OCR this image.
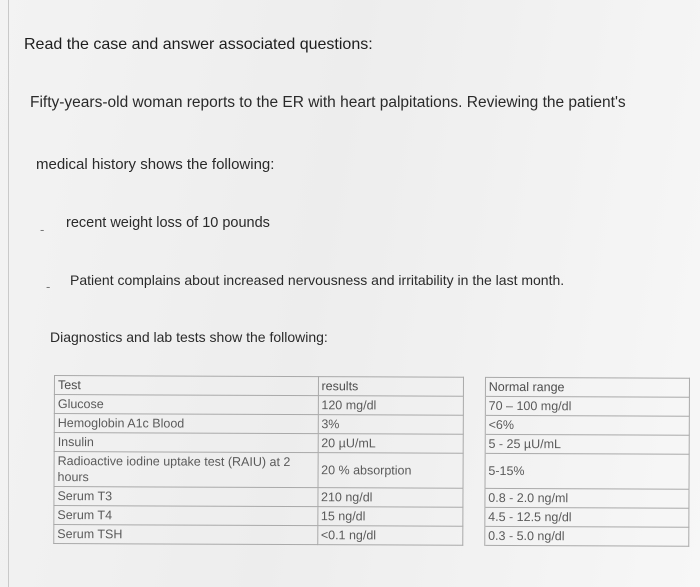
Read the case and answer associated questions:

Fifty-years-old woman reports to the ER with heart palpitations. Reviewing the patient's

medical history shows the following:

- recent weight loss of 10 pounds

- Patient complains about increased nervousness and irritability in the last month.

Diagnostics and lab tests show the following:

Test	results		Normal range
Glucose	120 mg/dl		70 – 100 mg/dl
Hemoglobin A1c Blood	3%		<6%
Insulin	20 µU/mL		5 - 25 µU/mL
Radioactive iodine uptake test (RAIU) at 2 hours	20 % absorption		5-15%
Serum T3	210 ng/dl		0.8 - 2.0 ng/ml
Serum T4	15 ng/dl		4.5 - 12.5 ng/dl
Serum TSH	<0.1 ng/dl		0.3 - 5.0 ng/dl
